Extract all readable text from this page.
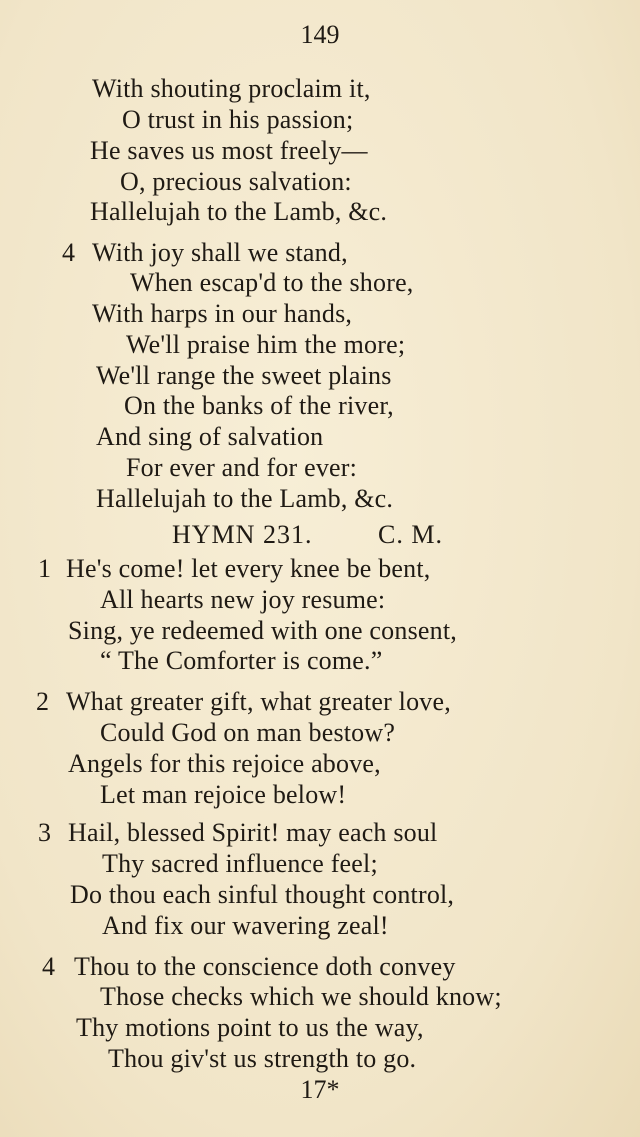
149
With shouting proclaim it,
O trust in his passion;
He saves us most freely—
O, precious salvation:
Hallelujah to the Lamb, &c.
4 With joy shall we stand,
When escap'd to the shore,
With harps in our hands,
We'll praise him the more;
We'll range the sweet plains
On the banks of the river,
And sing of salvation
For ever and for ever:
Hallelujah to the Lamb, &c.
HYMN 231.	C. M.
1 He's come! let every knee be bent,
All hearts new joy resume:
Sing, ye redeemed with one consent,
“ The Comforter is come.”
2 What greater gift, what greater love,
Could God on man bestow?
Angels for this rejoice above,
Let man rejoice below!
3 Hail, blessed Spirit! may each soul
Thy sacred influence feel;
Do thou each sinful thought control,
And fix our wavering zeal!
4 Thou to the conscience doth convey
Those checks which we should know;
Thy motions point to us the way,
Thou giv'st us strength to go.
17*
